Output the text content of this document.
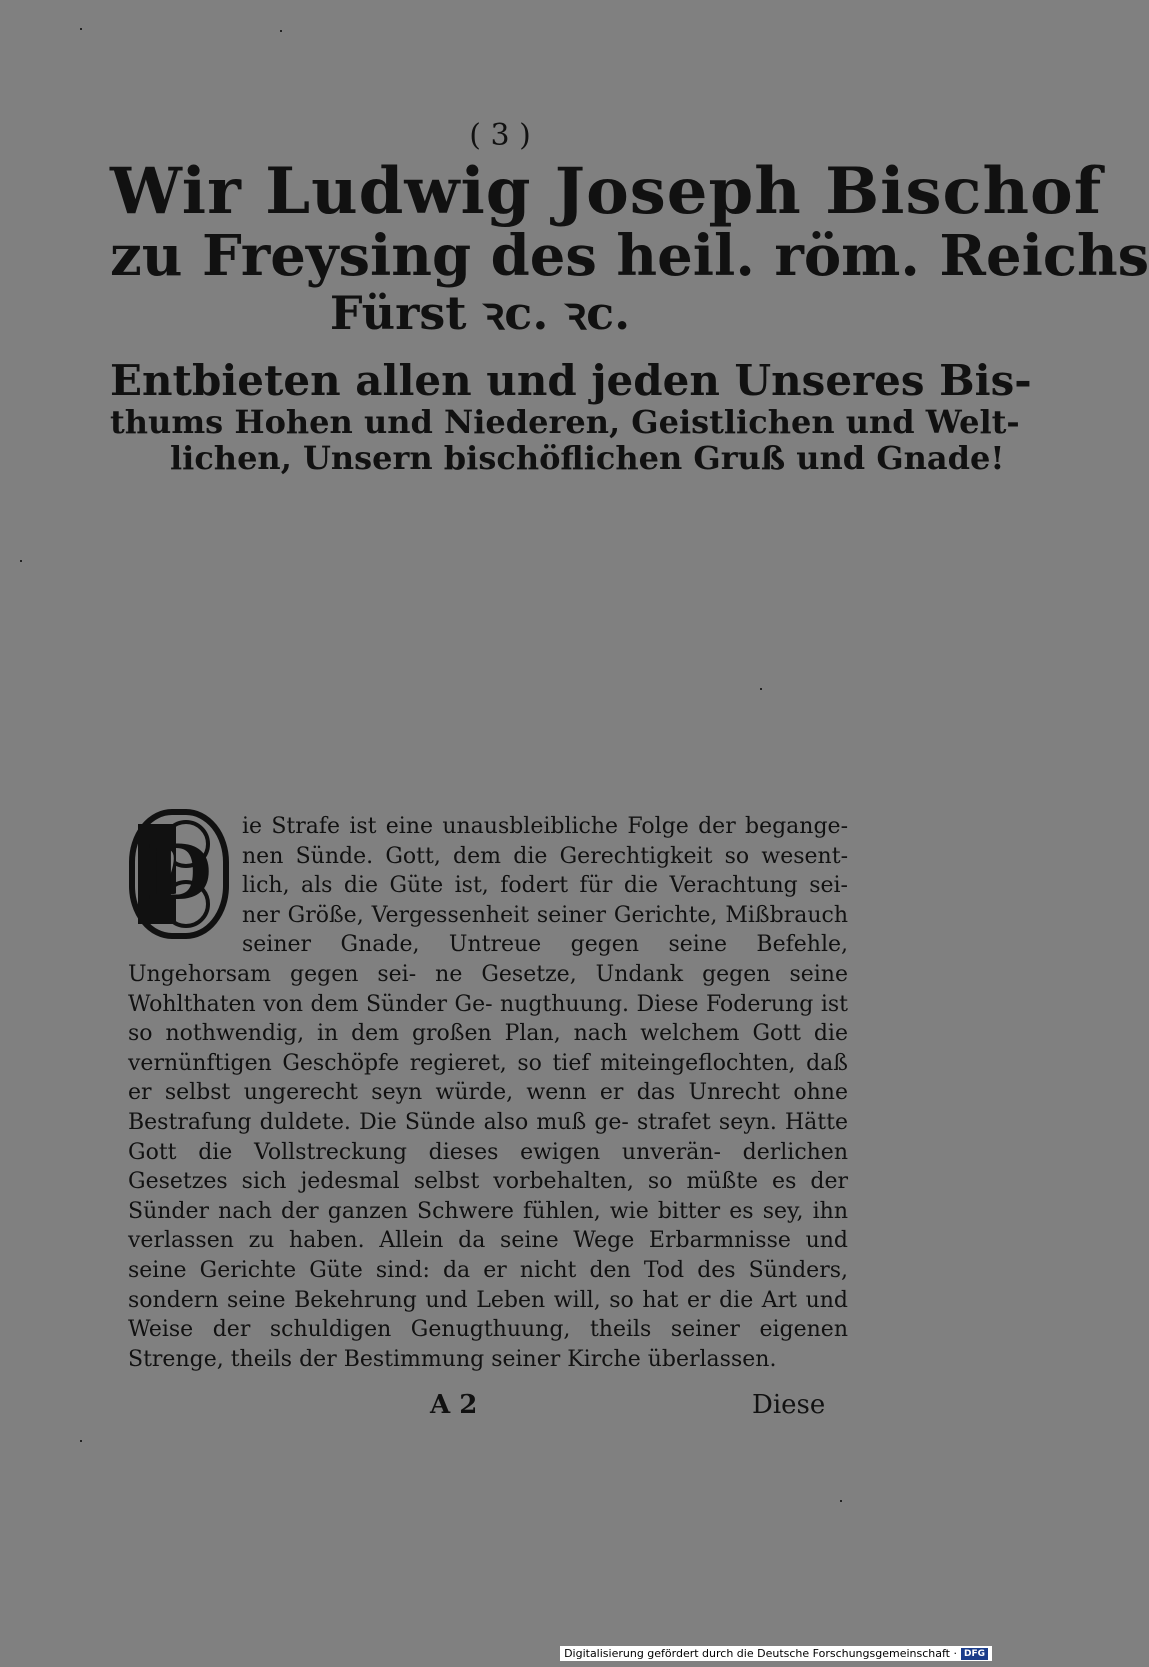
( 3 )
Wir Ludwig Joseph Bischof
zu Freysing des heil. röm. Reichs
Fürst ꝛc. ꝛc.
Entbieten allen und jeden Unseres Bis-
thums Hohen und Niederen, Geistlichen und Welt-
lichen, Unsern bischöflichen Gruß und Gnade!
D
ie Strafe ist eine unausbleibliche Folge der begange- nen Sünde. Gott, dem die Gerechtigkeit so wesent- lich, als die Güte ist, fodert für die Verachtung sei- ner Größe, Vergessenheit seiner Gerichte, Mißbrauch seiner Gnade, Untreue gegen seine Befehle, Ungehorsam gegen sei- ne Gesetze, Undank gegen seine Wohlthaten von dem Sünder Ge- nugthuung. Diese Foderung ist so nothwendig, in dem großen Plan, nach welchem Gott die vernünftigen Geschöpfe regieret, so tief miteingeflochten, daß er selbst ungerecht seyn würde, wenn er das Unrecht ohne Bestrafung duldete. Die Sünde also muß ge- strafet seyn. Hätte Gott die Vollstreckung dieses ewigen unverän- derlichen Gesetzes sich jedesmal selbst vorbehalten, so müßte es der Sünder nach der ganzen Schwere fühlen, wie bitter es sey, ihn verlassen zu haben. Allein da seine Wege Erbarmnisse und seine Gerichte Güte sind: da er nicht den Tod des Sünders, sondern seine Bekehrung und Leben will, so hat er die Art und Weise der schuldigen Genugthuung, theils seiner eigenen Strenge, theils der Bestimmung seiner Kirche überlassen.
A 2	Diese
Digitalisierung gefördert durch die Deutsche Forschungsgemeinschaft · DFG
